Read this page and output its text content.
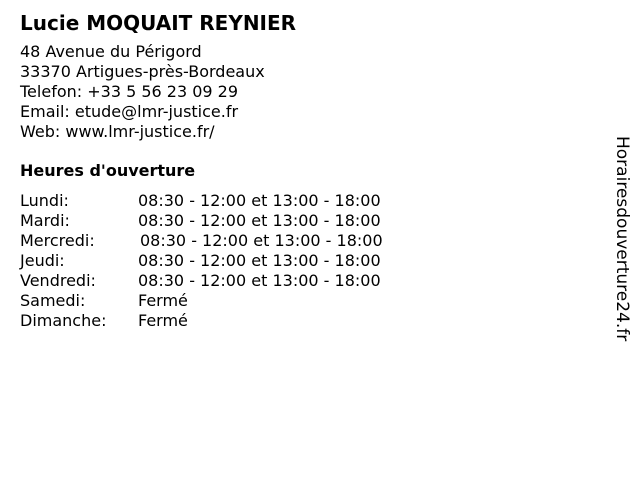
Lucie MOQUAIT REYNIER
48 Avenue du Périgord
33370 Artigues-près-Bordeaux
Telefon: +33 5 56 23 09 29
Email: etude@lmr-justice.fr
Web: www.lmr-justice.fr/
Heures d'ouverture
Lundi:	08:30 - 12:00 et 13:00 - 18:00
Mardi:	08:30 - 12:00 et 13:00 - 18:00
Mercredi:	08:30 - 12:00 et 13:00 - 18:00
Jeudi:	08:30 - 12:00 et 13:00 - 18:00
Vendredi:	08:30 - 12:00 et 13:00 - 18:00
Samedi:	Fermé
Dimanche:	Fermé	Horairesdouverture24.fr
